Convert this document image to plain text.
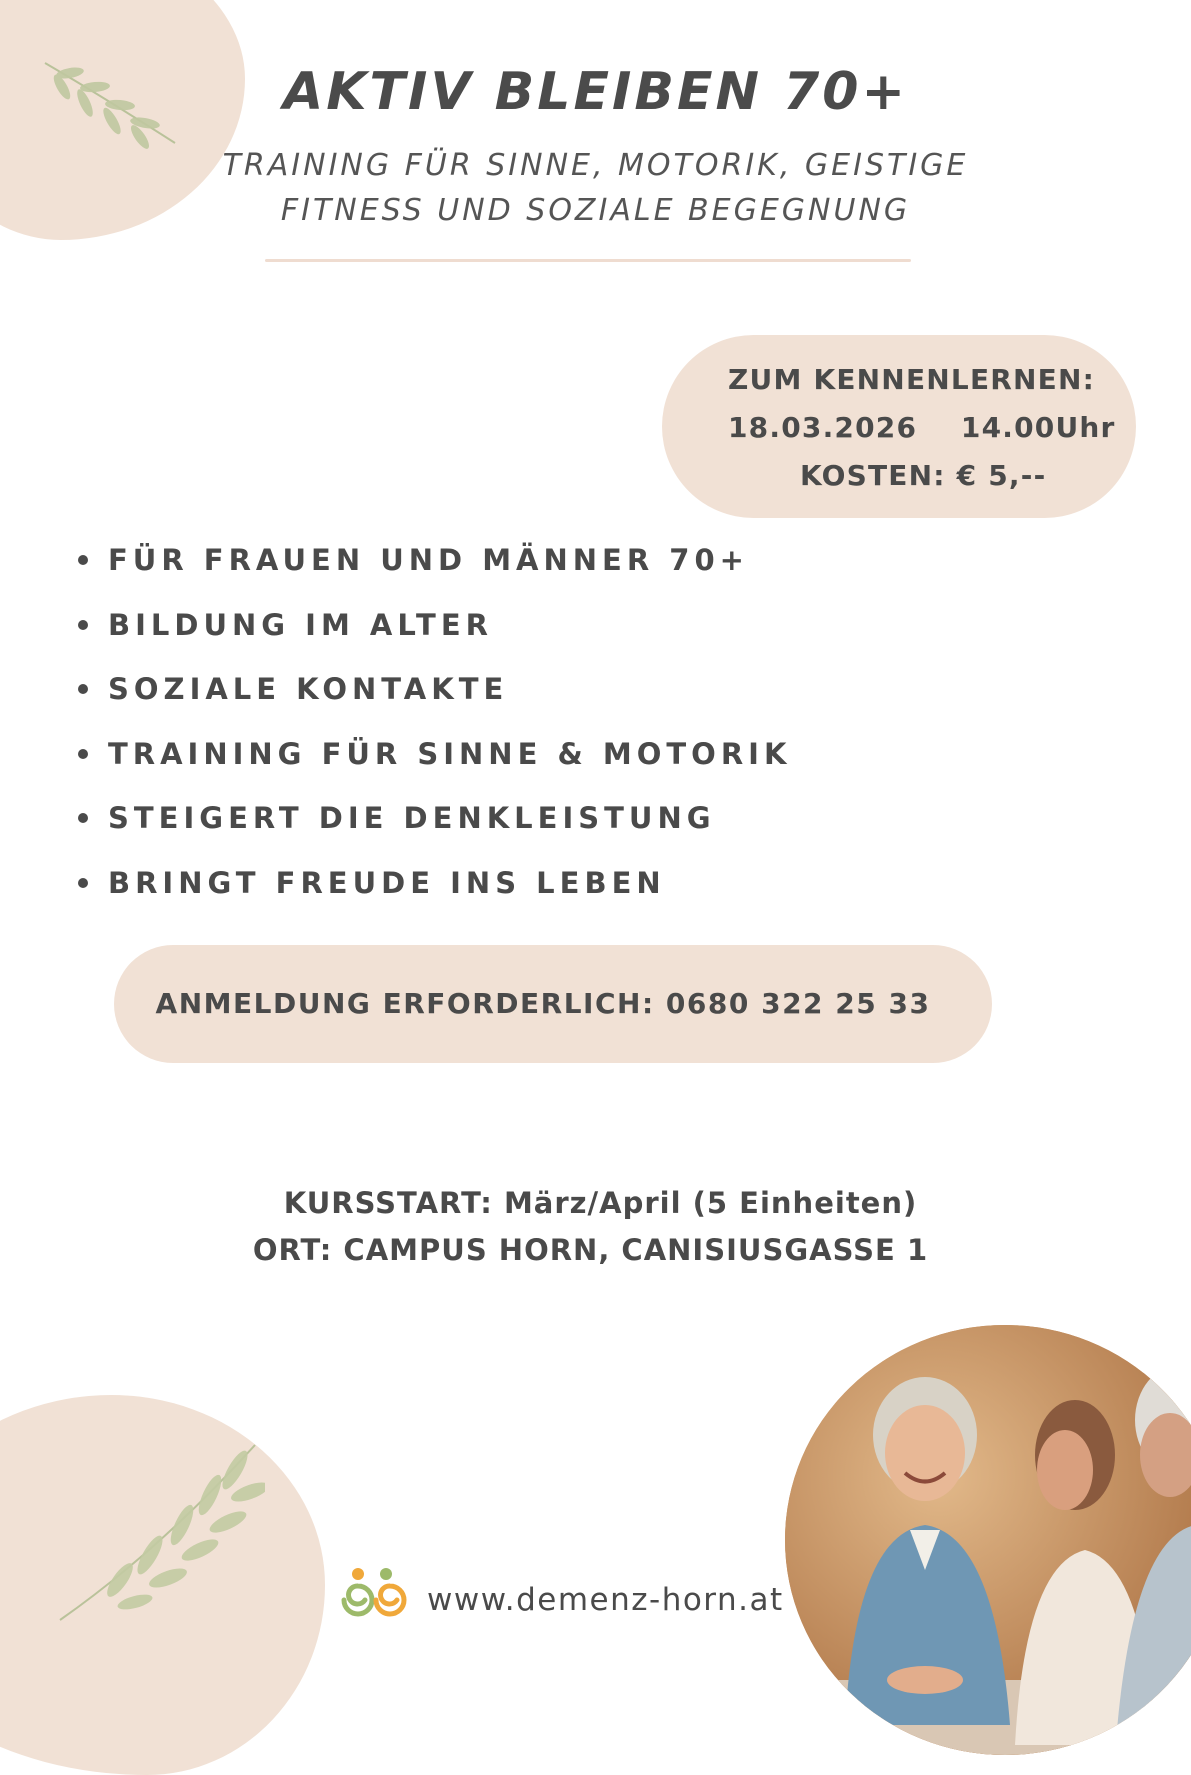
AKTIV BLEIBEN 70+
TRAINING FÜR SINNE, MOTORIK, GEISTIGE
FITNESS UND SOZIALE BEGEGNUNG
ZUM KENNENLERNEN:
18.03.2026    14.00Uhr
KOSTEN: € 5,--
FÜR FRAUEN UND MÄNNER 70+
BILDUNG IM ALTER
SOZIALE KONTAKTE
TRAINING FÜR SINNE & MOTORIK
STEIGERT DIE DENKLEISTUNG
BRINGT FREUDE INS LEBEN
ANMELDUNG ERFORDERLICH: 0680 322 25 33
KURSSTART: März/April (5 Einheiten)
ORT: CAMPUS HORN, CANISIUSGASSE 1
www.demenz-horn.at
